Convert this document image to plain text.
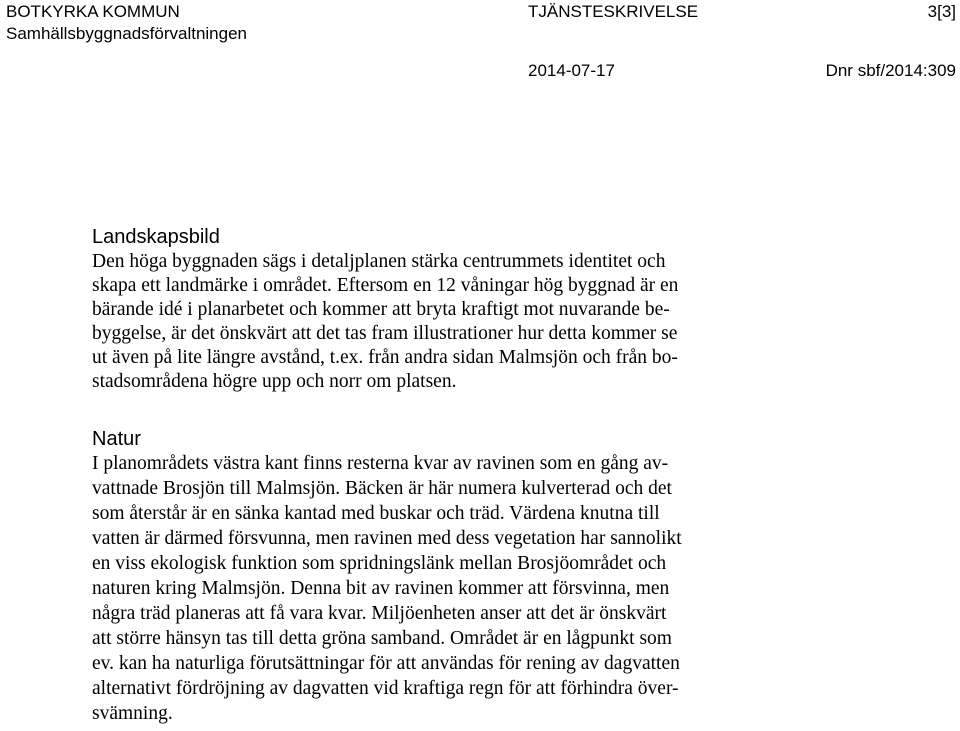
BOTKYRKA KOMMUN
Samhällsbyggnadsförvaltningen
TJÄNSTESKRIVELSE	3[3]
2014-07-17	Dnr sbf/2014:309
Landskapsbild
Den höga byggnaden sägs i detaljplanen stärka centrummets identitet och
skapa ett landmärke i området. Eftersom en 12 våningar hög byggnad är en
bärande idé i planarbetet och kommer att bryta kraftigt mot nuvarande be-
byggelse, är det önskvärt att det tas fram illustrationer hur detta kommer se
ut även på lite längre avstånd, t.ex. från andra sidan Malmsjön och från bo-
stadsområdena högre upp och norr om platsen.
Natur
I planområdets västra kant finns resterna kvar av ravinen som en gång av-
vattnade Brosjön till Malmsjön. Bäcken är här numera kulverterad och det
som återstår är en sänka kantad med buskar och träd. Värdena knutna till
vatten är därmed försvunna, men ravinen med dess vegetation har sannolikt
en viss ekologisk funktion som spridningslänk mellan Brosjöområdet och
naturen kring Malmsjön. Denna bit av ravinen kommer att försvinna, men
några träd planeras att få vara kvar. Miljöenheten anser att det är önskvärt
att större hänsyn tas till detta gröna samband. Området är en lågpunkt som
ev. kan ha naturliga förutsättningar för att användas för rening av dagvatten
alternativt fördröjning av dagvatten vid kraftiga regn för att förhindra över-
svämning.
